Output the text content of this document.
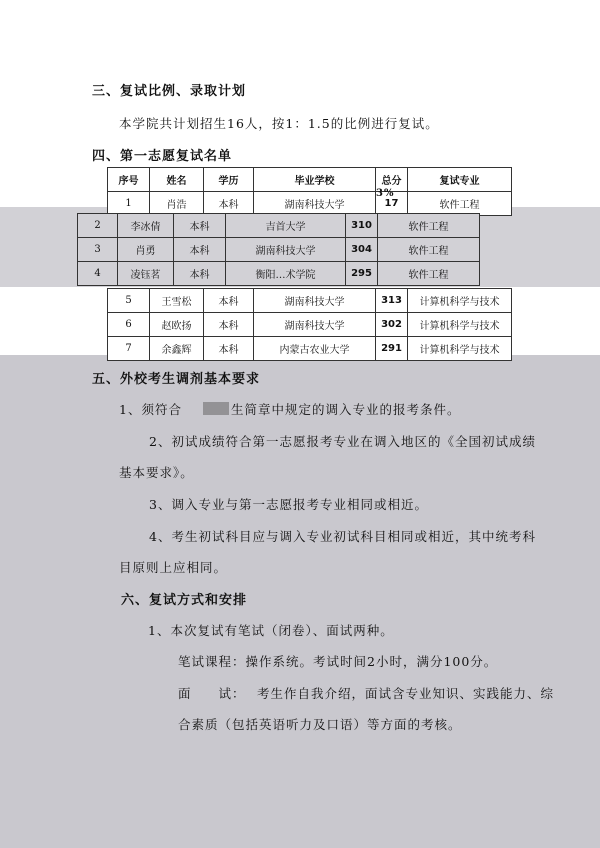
三、复试比例、录取计划
本学院共计划招生16人，按1：1.5的比例进行复试。
四、第一志愿复试名单
序号	姓名	学历	毕业学校	总分	复试专业
1	肖浩	本科	湖南科技大学	17	软件工程
3%
2	李冰倩	本科	吉首大学	310	软件工程
3	肖勇	本科	湖南科技大学	304	软件工程
4	凌钰茗	本科	衡阳…术学院	295	软件工程
5	王雪松	本科	湖南科技大学	313	计算机科学与技术
6	赵欧扬	本科	湖南科技大学	302	计算机科学与技术
7	余鑫辉	本科	内蒙古农业大学	291	计算机科学与技术
五、外校考生调剂基本要求
1、须符合	生简章中规定的调入专业的报考条件。
2、初试成绩符合第一志愿报考专业在调入地区的《全国初试成绩
基本要求》。
3、调入专业与第一志愿报考专业相同或相近。
4、考生初试科目应与调入专业初试科目相同或相近，其中统考科
目原则上应相同。
六、复试方式和安排
1、本次复试有笔试（闭卷）、面试两种。
笔试课程：操作系统。考试时间2小时，满分100分。
面　　试： 考生作自我介绍，面试含专业知识、实践能力、综
合素质（包括英语听力及口语）等方面的考核。
